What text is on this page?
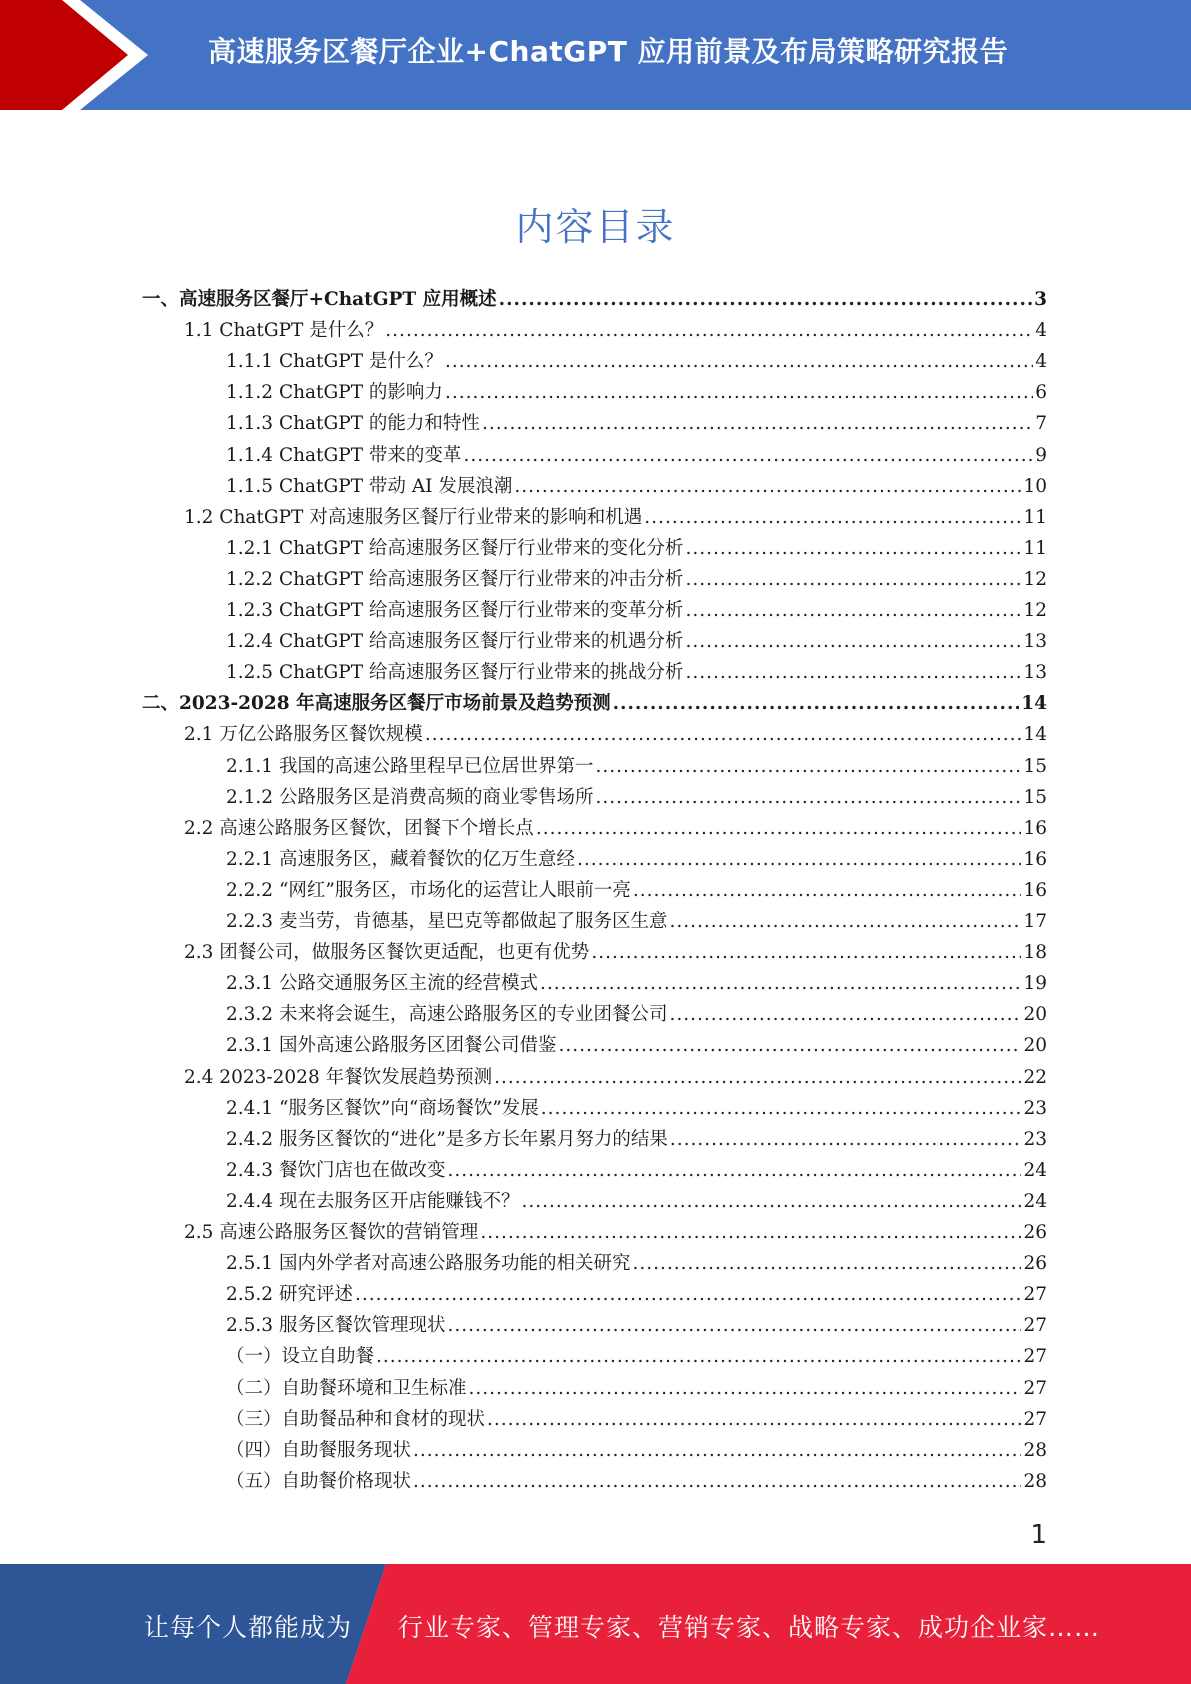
高速服务区餐厅企业+ChatGPT 应用前景及布局策略研究报告
内容目录
一、高速服务区餐厅+ChatGPT 应用概述 .....	3
1.1 ChatGPT 是什么？ .....	4
1.1.1 ChatGPT 是什么？ .....	4
1.1.2 ChatGPT 的影响力 .....	6
1.1.3 ChatGPT 的能力和特性 .....	7
1.1.4 ChatGPT 带来的变革 .....	9
1.1.5 ChatGPT 带动 AI 发展浪潮 .....	10
1.2 ChatGPT 对高速服务区餐厅行业带来的影响和机遇 .....	11
1.2.1 ChatGPT 给高速服务区餐厅行业带来的变化分析 .....	11
1.2.2 ChatGPT 给高速服务区餐厅行业带来的冲击分析 .....	12
1.2.3 ChatGPT 给高速服务区餐厅行业带来的变革分析 .....	12
1.2.4 ChatGPT 给高速服务区餐厅行业带来的机遇分析 .....	13
1.2.5 ChatGPT 给高速服务区餐厅行业带来的挑战分析 .....	13
二、2023-2028 年高速服务区餐厅市场前景及趋势预测 .....	14
2.1 万亿公路服务区餐饮规模 .....	14
2.1.1 我国的高速公路里程早已位居世界第一 .....	15
2.1.2 公路服务区是消费高频的商业零售场所 .....	15
2.2 高速公路服务区餐饮，团餐下个增长点 .....	16
2.2.1 高速服务区，藏着餐饮的亿万生意经 .....	16
2.2.2 “网红”服务区，市场化的运营让人眼前一亮 .....	16
2.2.3 麦当劳，肯德基，星巴克等都做起了服务区生意 .....	17
2.3 团餐公司，做服务区餐饮更适配，也更有优势 .....	18
2.3.1 公路交通服务区主流的经营模式 .....	19
2.3.2 未来将会诞生，高速公路服务区的专业团餐公司 .....	20
2.3.1 国外高速公路服务区团餐公司借鉴 .....	20
2.4 2023-2028 年餐饮发展趋势预测 .....	22
2.4.1 “服务区餐饮”向“商场餐饮”发展 .....	23
2.4.2 服务区餐饮的“进化”是多方长年累月努力的结果 .....	23
2.4.3 餐饮门店也在做改变 .....	24
2.4.4 现在去服务区开店能赚钱不？ .....	24
2.5 高速公路服务区餐饮的营销管理 .....	26
2.5.1 国内外学者对高速公路服务功能的相关研究 .....	26
2.5.2 研究评述 .....	27
2.5.3 服务区餐饮管理现状 .....	27
（一）设立自助餐 .....	27
（二）自助餐环境和卫生标准 .....	27
（三）自助餐品种和食材的现状 .....	27
（四）自助餐服务现状 .....	28
（五）自助餐价格现状 .....	28
1
让每个人都能成为 行业专家、管理专家、营销专家、战略专家、成功企业家……
